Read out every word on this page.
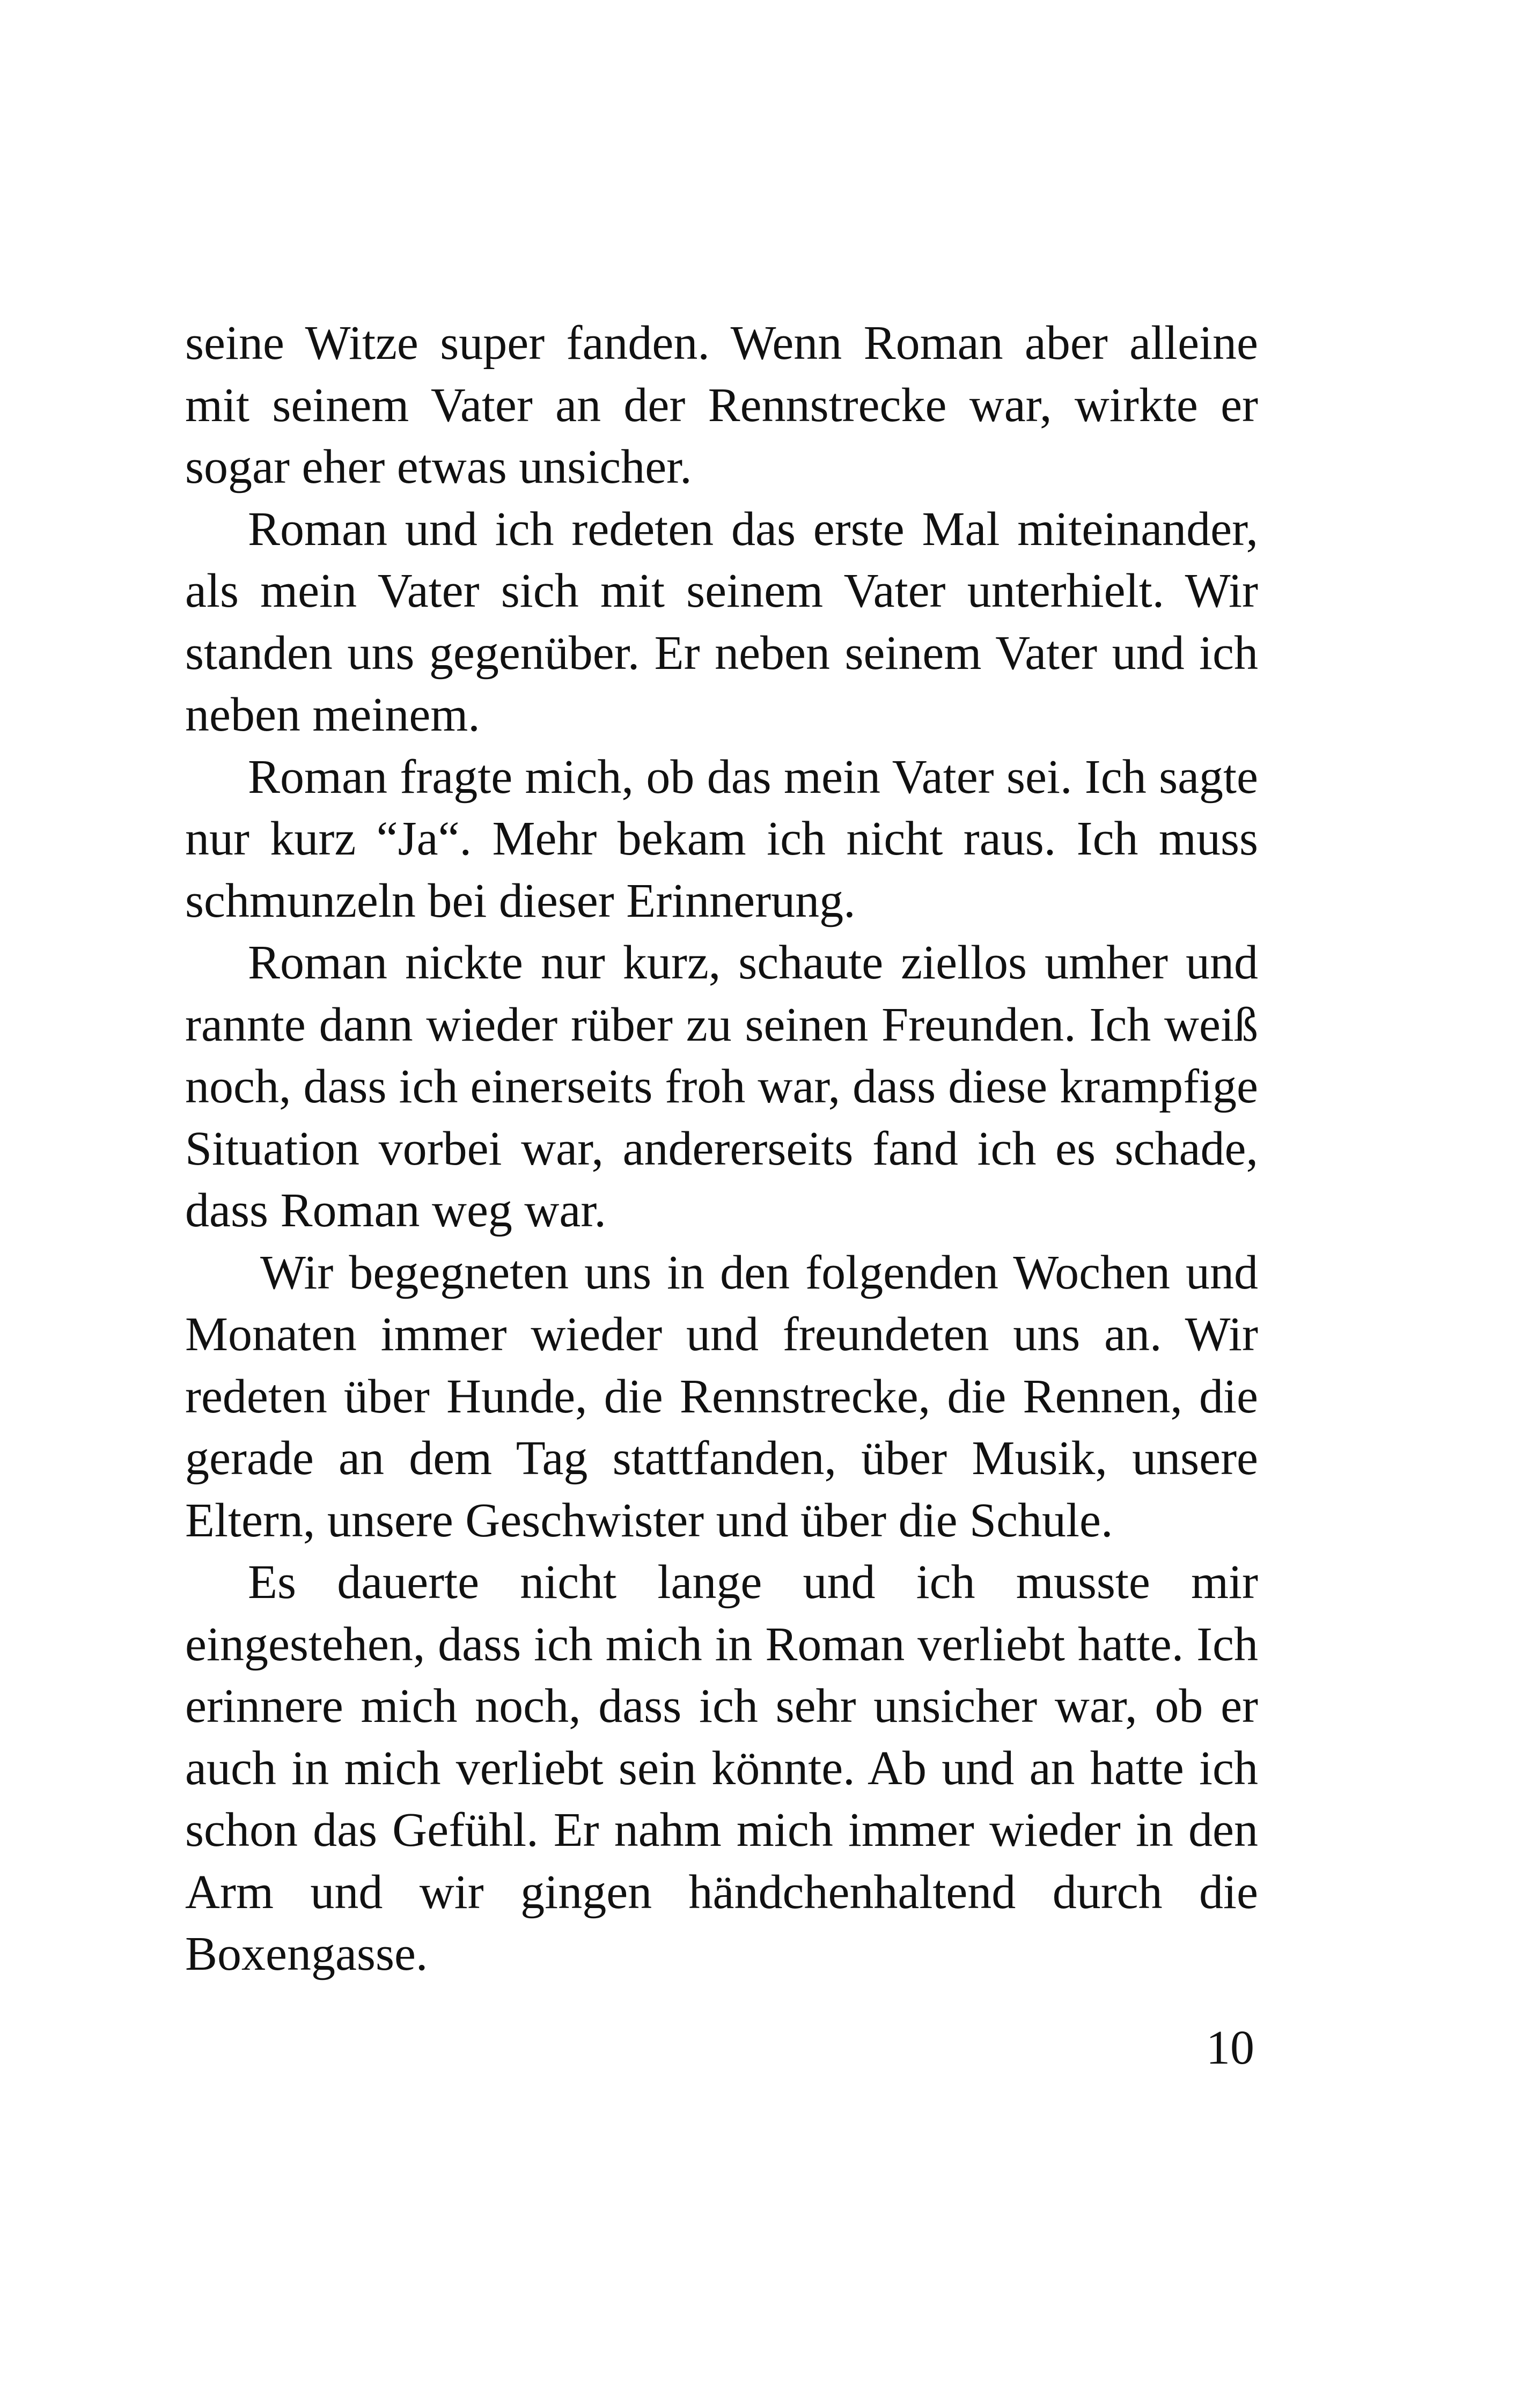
seine Witze super fanden. Wenn Roman aber alleine mit seinem Vater an der Rennstrecke war, wirkte er sogar eher etwas unsicher.

Roman und ich redeten das erste Mal miteinander, als mein Vater sich mit seinem Vater unterhielt. Wir standen uns gegenüber. Er neben seinem Vater und ich neben meinem.

Roman fragte mich, ob das mein Vater sei. Ich sagte nur kurz “Ja“. Mehr bekam ich nicht raus. Ich muss schmunzeln bei dieser Erinnerung.

Roman nickte nur kurz, schaute ziellos umher und rannte dann wieder rüber zu seinen Freunden. Ich weiß noch, dass ich einerseits froh war, dass diese krampfige Situation vorbei war, andererseits fand ich es schade, dass Roman weg war.

Wir begegneten uns in den folgenden Wochen und Monaten immer wieder und freundeten uns an. Wir redeten über Hunde, die Rennstrecke, die Rennen, die gerade an dem Tag stattfanden, über Musik, unsere Eltern, unsere Geschwister und über die Schule.

Es dauerte nicht lange und ich musste mir eingestehen, dass ich mich in Roman verliebt hatte. Ich erinnere mich noch, dass ich sehr unsicher war, ob er auch in mich verliebt sein könnte. Ab und an hatte ich schon das Gefühl. Er nahm mich immer wieder in den Arm und wir gingen händchenhaltend durch die Boxengasse.

10
